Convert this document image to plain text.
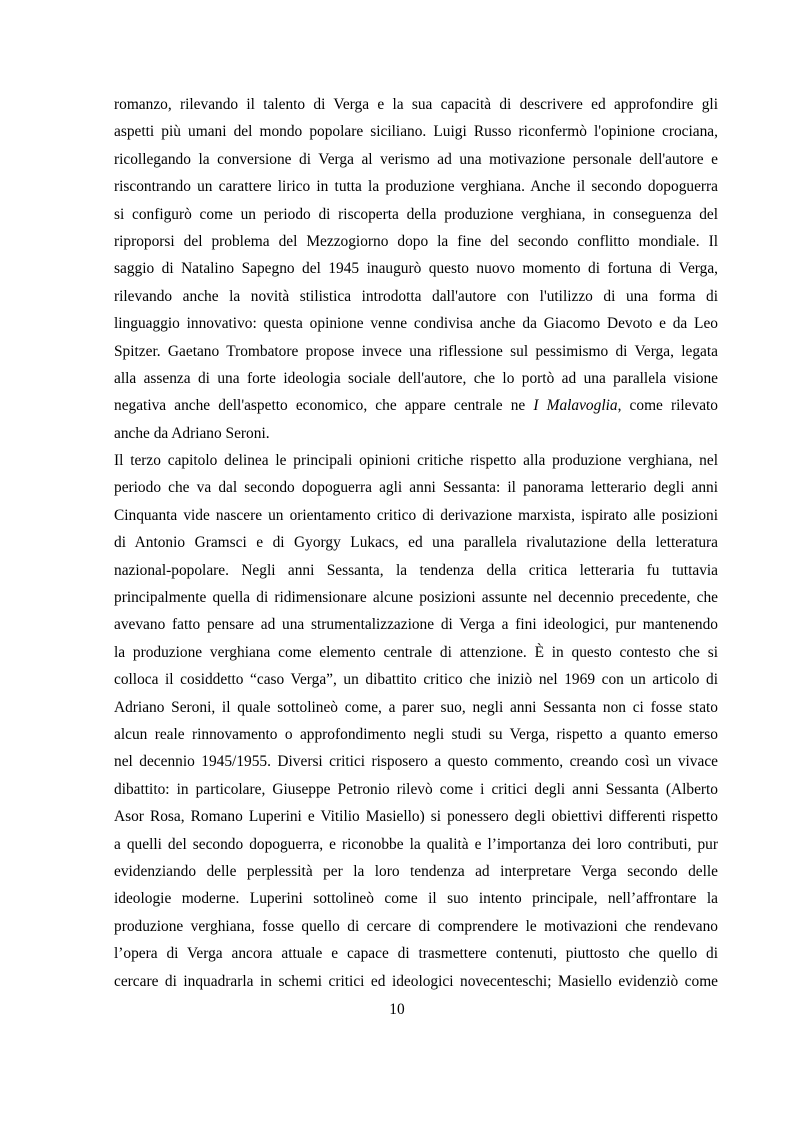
romanzo, rilevando il talento di Verga e la sua capacità di descrivere ed approfondire gli
aspetti più umani del mondo popolare siciliano. Luigi Russo riconfermò l'opinione crociana,
ricollegando la conversione di Verga al verismo ad una motivazione personale dell'autore e
riscontrando un carattere lirico in tutta la produzione verghiana. Anche il secondo dopoguerra
si configurò come un periodo di riscoperta della produzione verghiana, in conseguenza del
riproporsi del problema del Mezzogiorno dopo la fine del secondo conflitto mondiale. Il
saggio di Natalino Sapegno del 1945 inaugurò questo nuovo momento di fortuna di Verga,
rilevando anche la novità stilistica introdotta dall'autore con l'utilizzo di una forma di
linguaggio innovativo: questa opinione venne condivisa anche da Giacomo Devoto e da Leo
Spitzer. Gaetano Trombatore propose invece una riflessione sul pessimismo di Verga, legata
alla assenza di una forte ideologia sociale dell'autore, che lo portò ad una parallela visione
negativa anche dell'aspetto economico, che appare centrale ne I Malavoglia, come rilevato
anche da Adriano Seroni.
Il terzo capitolo delinea le principali opinioni critiche rispetto alla produzione verghiana, nel
periodo che va dal secondo dopoguerra agli anni Sessanta: il panorama letterario degli anni
Cinquanta vide nascere un orientamento critico di derivazione marxista, ispirato alle posizioni
di Antonio Gramsci e di Gyorgy Lukacs, ed una parallela rivalutazione della letteratura
nazional-popolare. Negli anni Sessanta, la tendenza della critica letteraria fu tuttavia
principalmente quella di ridimensionare alcune posizioni assunte nel decennio precedente, che
avevano fatto pensare ad una strumentalizzazione di Verga a fini ideologici, pur mantenendo
la produzione verghiana come elemento centrale di attenzione. È in questo contesto che si
colloca il cosiddetto “caso Verga”, un dibattito critico che iniziò nel 1969 con un articolo di
Adriano Seroni, il quale sottolineò come, a parer suo, negli anni Sessanta non ci fosse stato
alcun reale rinnovamento o approfondimento negli studi su Verga, rispetto a quanto emerso
nel decennio 1945/1955. Diversi critici risposero a questo commento, creando così un vivace
dibattito: in particolare, Giuseppe Petronio rilevò come i critici degli anni Sessanta (Alberto
Asor Rosa, Romano Luperini e Vitilio Masiello) si ponessero degli obiettivi differenti rispetto
a quelli del secondo dopoguerra, e riconobbe la qualità e l’importanza dei loro contributi, pur
evidenziando delle perplessità per la loro tendenza ad interpretare Verga secondo delle
ideologie moderne. Luperini sottolineò come il suo intento principale, nell’affrontare la
produzione verghiana, fosse quello di cercare di comprendere le motivazioni che rendevano
l’opera di Verga ancora attuale e capace di trasmettere contenuti, piuttosto che quello di
cercare di inquadrarla in schemi critici ed ideologici novecenteschi; Masiello evidenziò come
10
